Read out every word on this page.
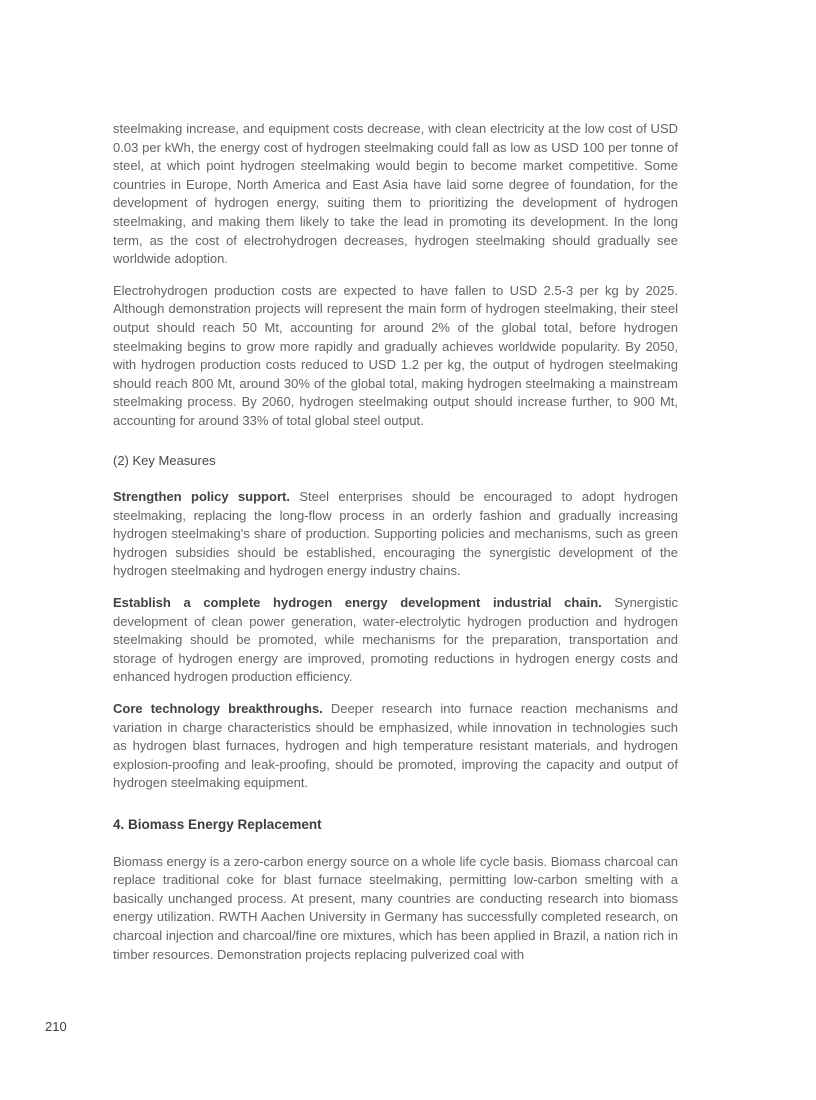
steelmaking increase, and equipment costs decrease, with clean electricity at the low cost of USD 0.03 per kWh, the energy cost of hydrogen steelmaking could fall as low as USD 100 per tonne of steel, at which point hydrogen steelmaking would begin to become market competitive. Some countries in Europe, North America and East Asia have laid some degree of foundation, for the development of hydrogen energy, suiting them to prioritizing the development of hydrogen steelmaking, and making them likely to take the lead in promoting its development. In the long term, as the cost of electrohydrogen decreases, hydrogen steelmaking should gradually see worldwide adoption.

Electrohydrogen production costs are expected to have fallen to USD 2.5-3 per kg by 2025. Although demonstration projects will represent the main form of hydrogen steelmaking, their steel output should reach 50 Mt, accounting for around 2% of the global total, before hydrogen steelmaking begins to grow more rapidly and gradually achieves worldwide popularity. By 2050, with hydrogen production costs reduced to USD 1.2 per kg, the output of hydrogen steelmaking should reach 800 Mt, around 30% of the global total, making hydrogen steelmaking a mainstream steelmaking process. By 2060, hydrogen steelmaking output should increase further, to 900 Mt, accounting for around 33% of total global steel output.

(2) Key Measures

Strengthen policy support. Steel enterprises should be encouraged to adopt hydrogen steelmaking, replacing the long-flow process in an orderly fashion and gradually increasing hydrogen steelmaking's share of production. Supporting policies and mechanisms, such as green hydrogen subsidies should be established, encouraging the synergistic development of the hydrogen steelmaking and hydrogen energy industry chains.

Establish a complete hydrogen energy development industrial chain. Synergistic development of clean power generation, water-electrolytic hydrogen production and hydrogen steelmaking should be promoted, while mechanisms for the preparation, transportation and storage of hydrogen energy are improved, promoting reductions in hydrogen energy costs and enhanced hydrogen production efficiency.

Core technology breakthroughs. Deeper research into furnace reaction mechanisms and variation in charge characteristics should be emphasized, while innovation in technologies such as hydrogen blast furnaces, hydrogen and high temperature resistant materials, and hydrogen explosion-proofing and leak-proofing, should be promoted, improving the capacity and output of hydrogen steelmaking equipment.

4. Biomass Energy Replacement

Biomass energy is a zero-carbon energy source on a whole life cycle basis. Biomass charcoal can replace traditional coke for blast furnace steelmaking, permitting low-carbon smelting with a basically unchanged process. At present, many countries are conducting research into biomass energy utilization. RWTH Aachen University in Germany has successfully completed research, on charcoal injection and charcoal/fine ore mixtures, which has been applied in Brazil, a nation rich in timber resources. Demonstration projects replacing pulverized coal with

210
